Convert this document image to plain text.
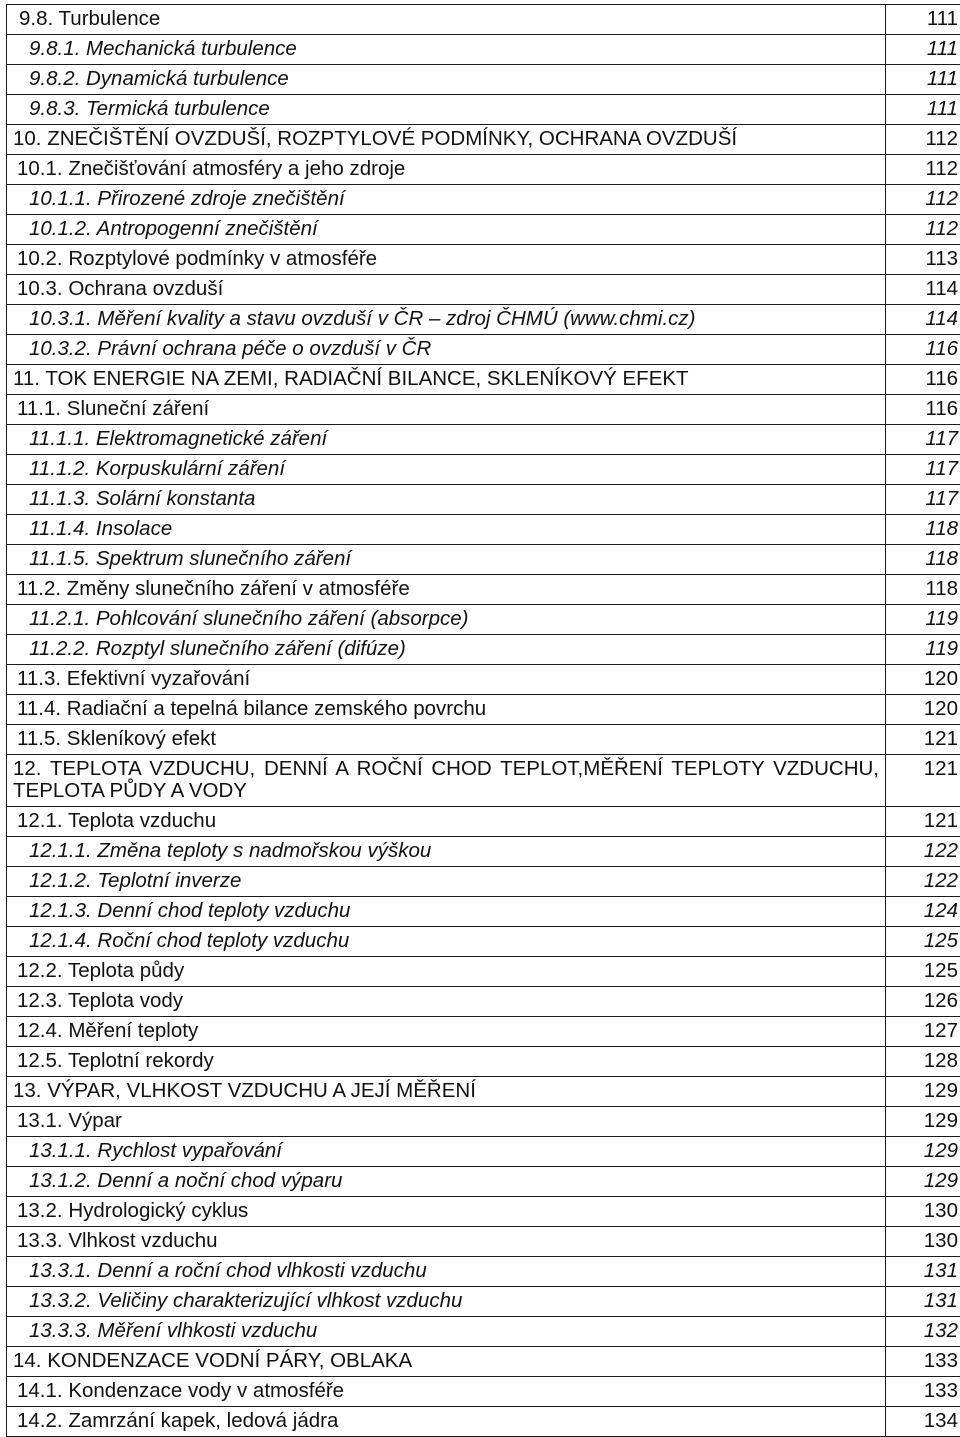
9.8. Turbulence	111
9.8.1. Mechanická turbulence	111
9.8.2. Dynamická turbulence	111
9.8.3. Termická turbulence	111
10. ZNEČIŠTĚNÍ OVZDUŠÍ, ROZPTYLOVÉ PODMÍNKY, OCHRANA OVZDUŠÍ	112
10.1. Znečišťování atmosféry a jeho zdroje	112
10.1.1. Přirozené zdroje znečištění	112
10.1.2. Antropogenní znečištění	112
10.2. Rozptylové podmínky v atmosféře	113
10.3. Ochrana ovzduší	114
10.3.1. Měření kvality a stavu ovzduší v ČR – zdroj ČHMÚ (www.chmi.cz)	114
10.3.2. Právní ochrana péče o ovzduší v ČR	116
11. TOK ENERGIE NA ZEMI, RADIAČNÍ BILANCE, SKLENÍKOVÝ EFEKT	116
11.1. Sluneční záření	116
11.1.1. Elektromagnetické záření	117
11.1.2. Korpuskulární záření	117
11.1.3. Solární konstanta	117
11.1.4. Insolace	118
11.1.5. Spektrum slunečního záření	118
11.2. Změny slunečního záření v atmosféře	118
11.2.1. Pohlcování slunečního záření (absorpce)	119
11.2.2. Rozptyl slunečního záření (difúze)	119
11.3. Efektivní vyzařování	120
11.4. Radiační a tepelná bilance zemského povrchu	120
11.5. Skleníkový efekt	121
12. TEPLOTA VZDUCHU, DENNÍ A ROČNÍ CHOD TEPLOT,MĚŘENÍ TEPLOTY VZDUCHU, TEPLOTA PŮDY A VODY	121
12.1. Teplota vzduchu	121
12.1.1. Změna teploty s nadmořskou výškou	122
12.1.2. Teplotní inverze	122
12.1.3. Denní chod teploty vzduchu	124
12.1.4. Roční chod teploty vzduchu	125
12.2. Teplota půdy	125
12.3. Teplota vody	126
12.4. Měření teploty	127
12.5. Teplotní rekordy	128
13. VÝPAR, VLHKOST VZDUCHU A JEJÍ MĚŘENÍ	129
13.1. Výpar	129
13.1.1. Rychlost vypařování	129
13.1.2. Denní a noční chod výparu	129
13.2. Hydrologický cyklus	130
13.3. Vlhkost vzduchu	130
13.3.1. Denní a roční chod vlhkosti vzduchu	131
13.3.2. Veličiny charakterizující vlhkost vzduchu	131
13.3.3. Měření vlhkosti vzduchu	132
14. KONDENZACE VODNÍ PÁRY, OBLAKA	133
14.1. Kondenzace vody v atmosféře	133
14.2. Zamrzání kapek, ledová jádra	134
